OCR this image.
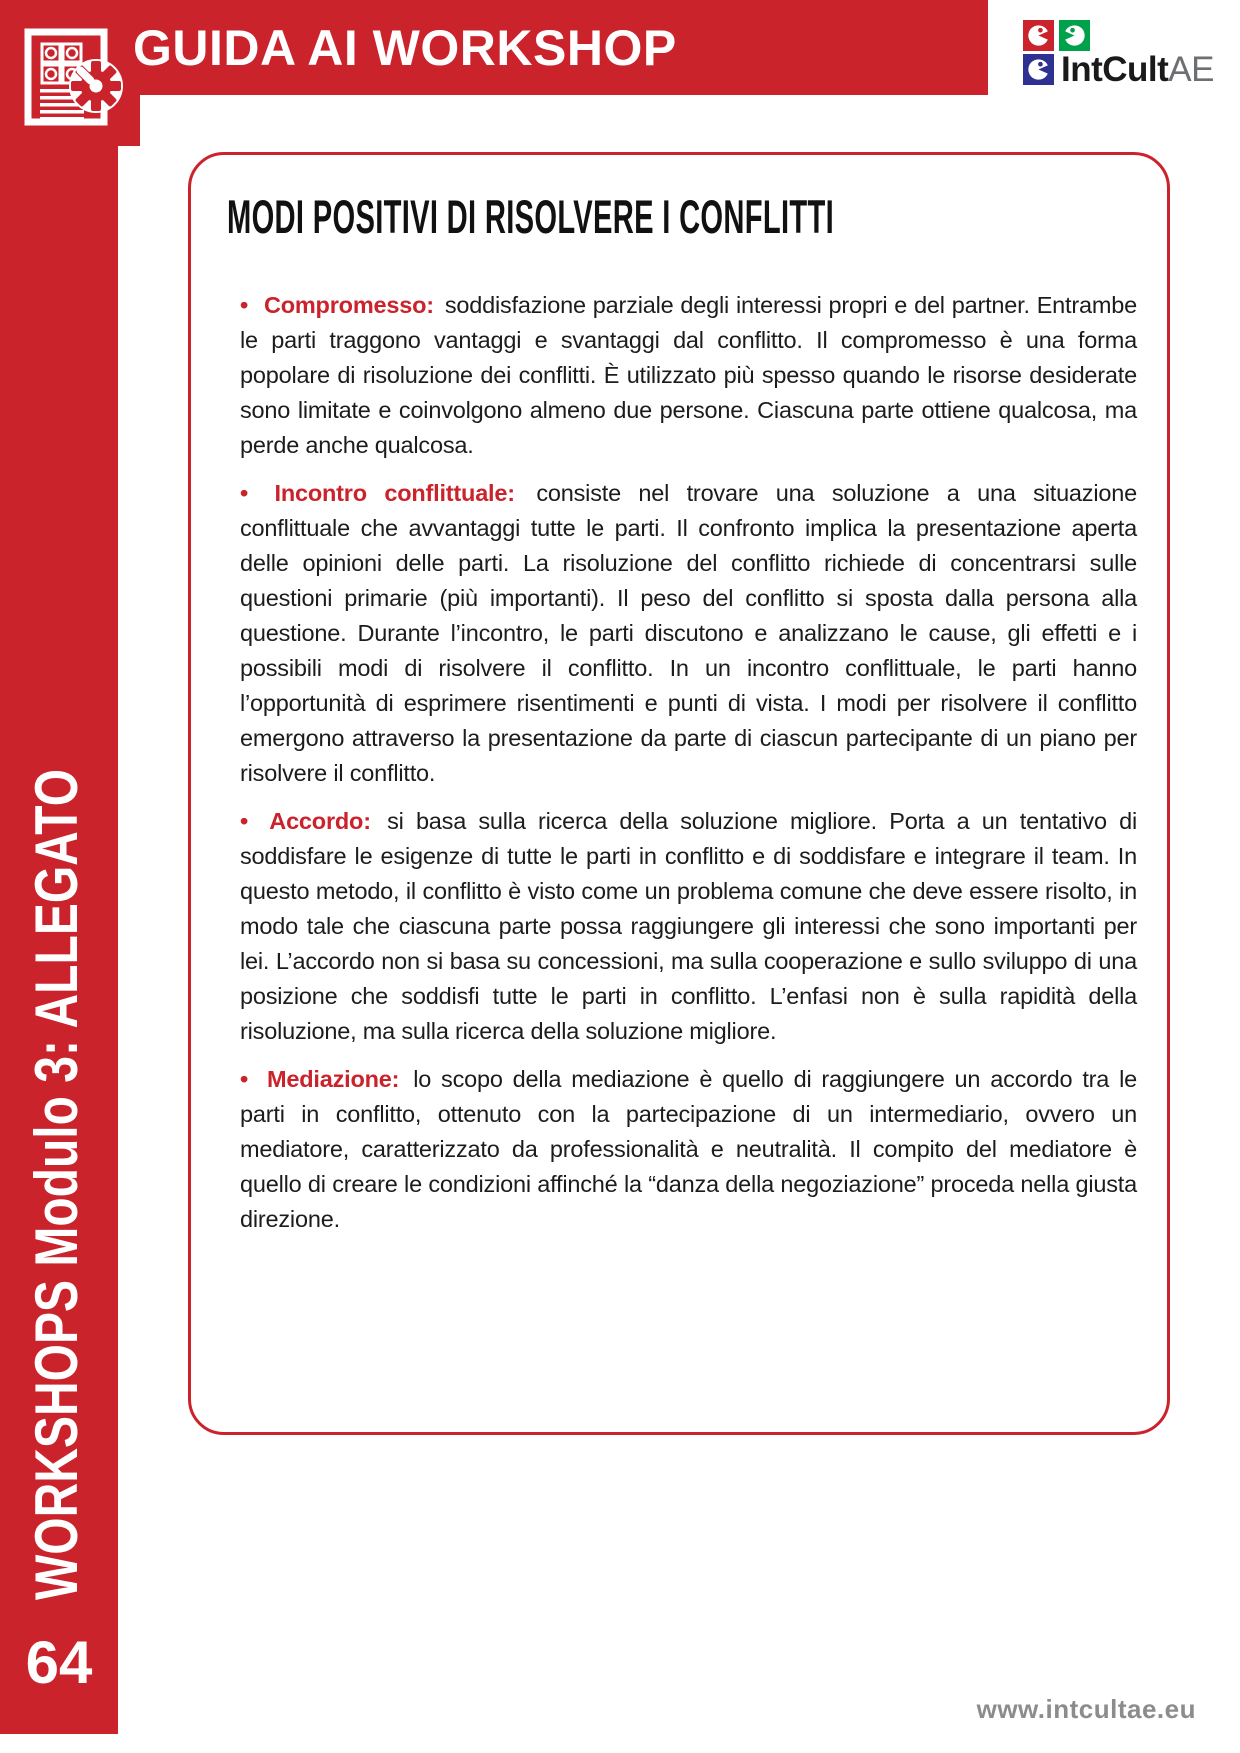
GUIDA AI WORKSHOP	IntCultAE
MODI POSITIVI DI RISOLVERE I CONFLITTI

• Compromesso: soddisfazione parziale degli interessi propri e del partner. Entrambe le parti traggono vantaggi e svantaggi dal conflitto. Il compromesso è una forma popolare di risoluzione dei conflitti. È utilizzato più spesso quando le risorse desiderate sono limitate e coinvolgono almeno due persone. Ciascuna parte ottiene qualcosa, ma perde anche qualcosa.

• Incontro conflittuale: consiste nel trovare una soluzione a una situazione conflittuale che avvantaggi tutte le parti. Il confronto implica la presentazione aperta delle opinioni delle parti. La risoluzione del conflitto richiede di concentrarsi sulle questioni primarie (più importanti). Il peso del conflitto si sposta dalla persona alla questione. Durante l’incontro, le parti discutono e analizzano le cause, gli effetti e i possibili modi di risolvere il conflitto. In un incontro conflittuale, le parti hanno l’opportunità di esprimere risentimenti e punti di vista. I modi per risolvere il conflitto emergono attraverso la presentazione da parte di ciascun partecipante di un piano per risolvere il conflitto.

• Accordo: si basa sulla ricerca della soluzione migliore. Porta a un tentativo di soddisfare le esigenze di tutte le parti in conflitto e di soddisfare e integrare il team. In questo metodo, il conflitto è visto come un problema comune che deve essere risolto, in modo tale che ciascuna parte possa raggiungere gli interessi che sono importanti per lei. L’accordo non si basa su concessioni, ma sulla cooperazione e sullo sviluppo di una posizione che soddisfi tutte le parti in conflitto. L’enfasi non è sulla rapidità della risoluzione, ma sulla ricerca della soluzione migliore.

• Mediazione: lo scopo della mediazione è quello di raggiungere un accordo tra le parti in conflitto, ottenuto con la partecipazione di un intermediario, ovvero un mediatore, caratterizzato da professionalità e neutralità. Il compito del mediatore è quello di creare le condizioni affinché la “danza della negoziazione” proceda nella giusta direzione.

WORKSHOPS Modulo 3: ALLEGATO
64
www.intcultae.eu
